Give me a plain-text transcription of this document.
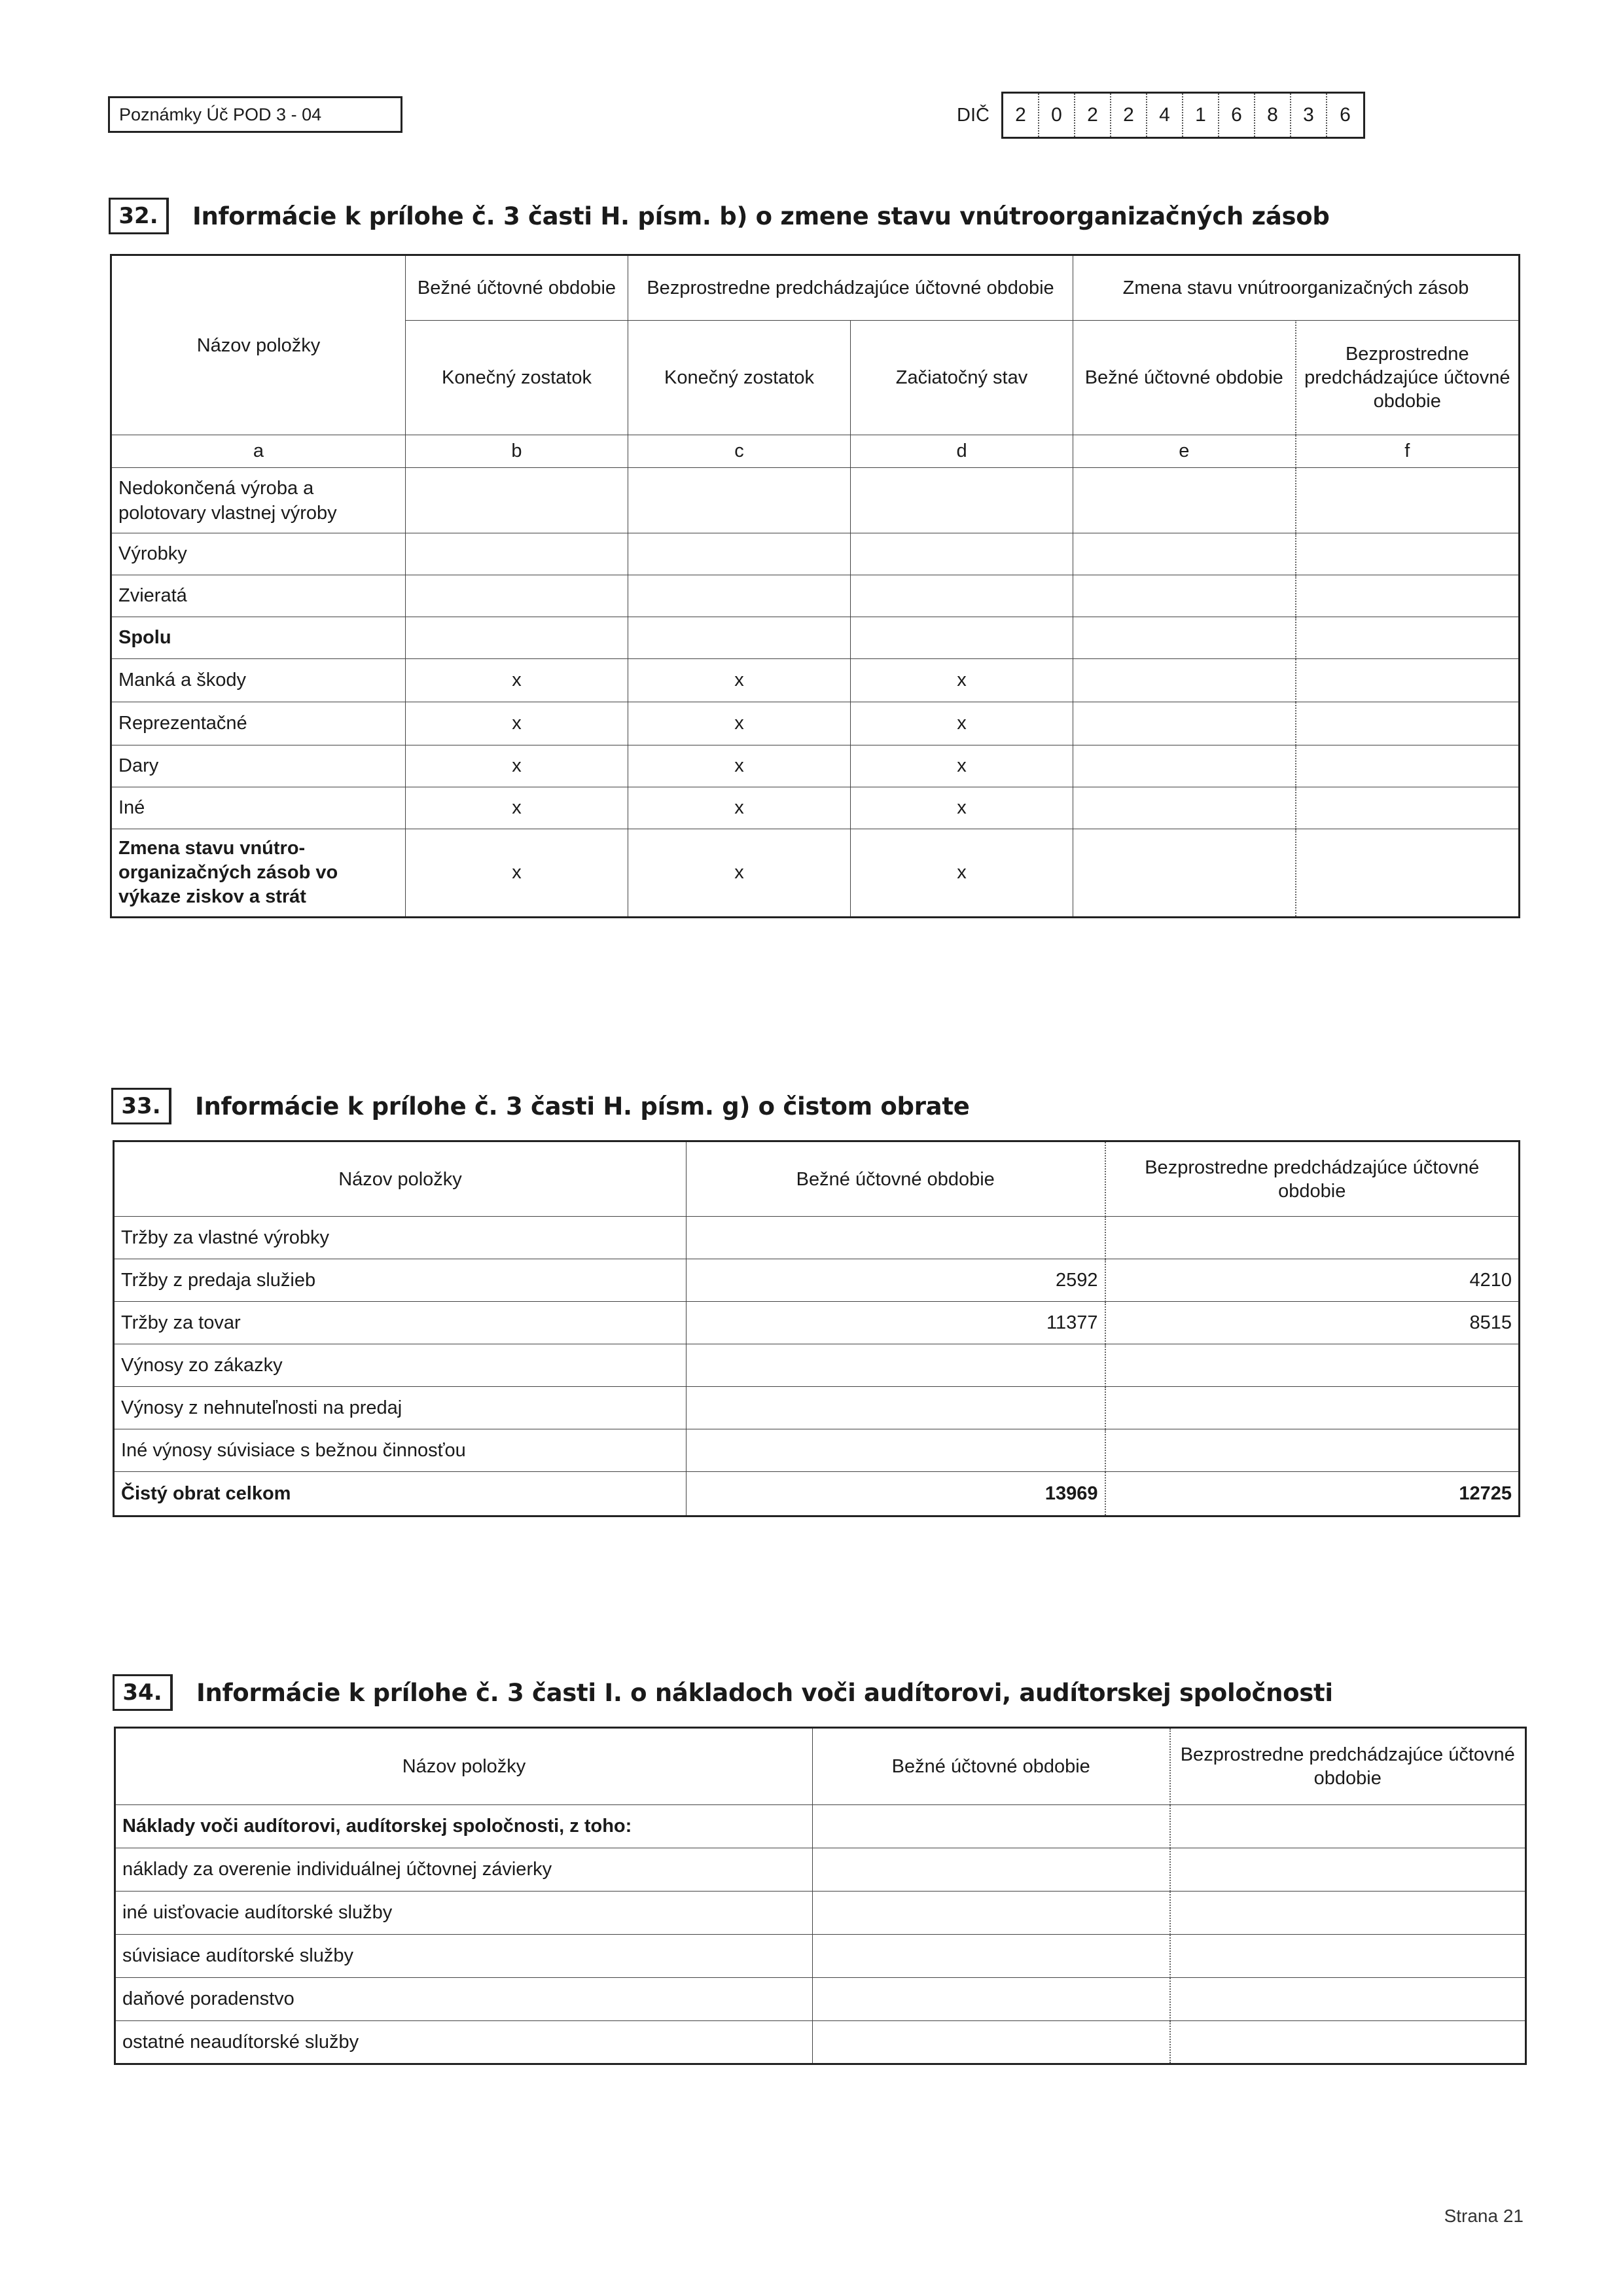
Poznámky Úč POD 3 - 04	DIČ	2	0	2	2	4	1	6	8	3	6
32.	Informácie k prílohe č. 3 časti H. písm. b) o zmene stavu vnútroorganizačných zásob
Názov položky	Bežné účtovné obdobie	Bezprostredne predchádzajúce účtovné obdobie		Zmena stavu vnútroorganizačných zásob	
	Konečný zostatok	Konečný zostatok	Začiatočný stav	Bežné účtovné obdobie	Bezprostredne predchádzajúce účtovné obdobie
a	b	c	d	e	f
Nedokončená výroba a polotovary vlastnej výroby					
Výrobky					
Zvieratá					
Spolu					
Manká a škody	x	x	x		
Reprezentačné	x	x	x		
Dary	x	x	x		
Iné	x	x	x		
Zmena stavu vnútro-organizačných zásob vo výkaze ziskov a strát	x	x	x		
33.	Informácie k prílohe č. 3 časti H. písm. g) o čistom obrate
Názov položky	Bežné účtovné obdobie	Bezprostredne predchádzajúce účtovné obdobie
Tržby za vlastné výrobky		
Tržby z predaja služieb	2592	4210
Tržby za tovar	11377	8515
Výnosy zo zákazky		
Výnosy z nehnuteľnosti na predaj		
Iné výnosy súvisiace s bežnou činnosťou		
Čistý obrat celkom	13969	12725
34.	Informácie k prílohe č. 3 časti I. o nákladoch voči audítorovi, audítorskej spoločnosti
Názov položky	Bežné účtovné obdobie	Bezprostredne predchádzajúce účtovné obdobie
Náklady voči audítorovi, audítorskej spoločnosti, z toho:		
náklady za overenie individuálnej účtovnej závierky		
iné uisťovacie audítorské služby		
súvisiace audítorské služby		
daňové poradenstvo		
ostatné neaudítorské služby		
Strana 21
